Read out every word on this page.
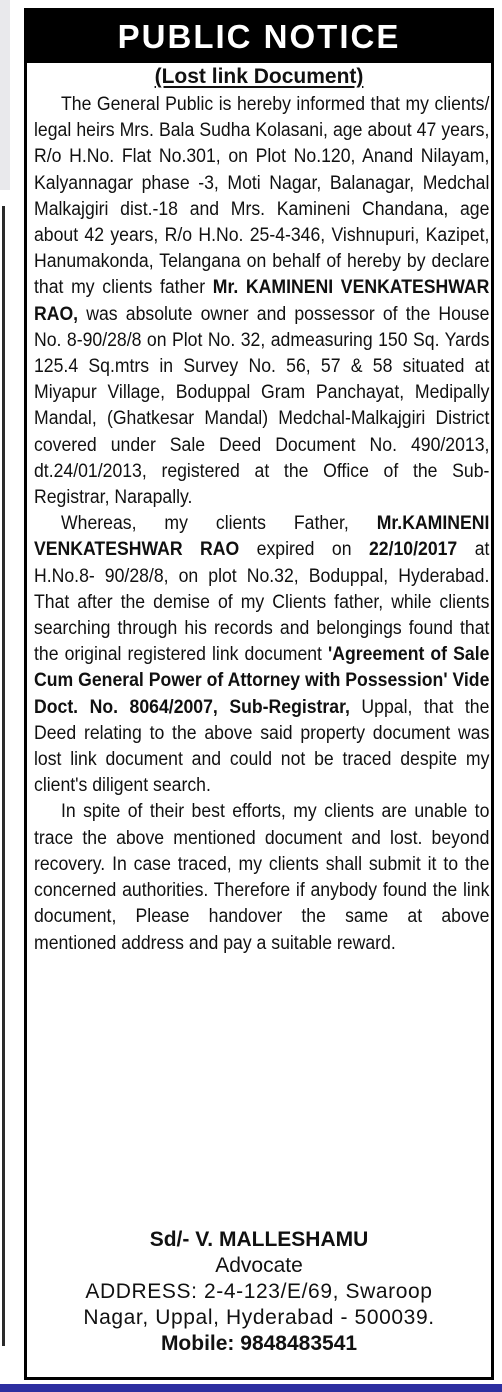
PUBLIC NOTICE
(Lost link Document)

The General Public is hereby informed that my clients/ legal heirs Mrs. Bala Sudha Kolasani, age about 47 years, R/o H.No. Flat No.301, on Plot No.120, Anand Nilayam, Kalyannagar phase -3, Moti Nagar, Balanagar, Medchal Malkajgiri dist.-18 and Mrs. Kamineni Chandana, age about 42 years, R/o H.No. 25-4-346, Vishnupuri, Kazipet, Hanumakonda, Telangana on behalf of hereby by declare that my clients father Mr. KAMINENI VENKATESHWAR RAO, was absolute owner and possessor of the House No. 8-90/28/8 on Plot No. 32, admeasuring 150 Sq. Yards 125.4 Sq.mtrs in Survey No. 56, 57 & 58 situated at Miyapur Village, Boduppal Gram Panchayat, Medipally Mandal, (Ghatkesar Mandal) Medchal-Malkajgiri District covered under Sale Deed Document No. 490/2013, dt.24/01/2013, registered at the Office of the Sub-Registrar, Narapally.

Whereas, my clients Father, Mr.KAMINENI VENKATESHWAR RAO expired on 22/10/2017 at H.No.8- 90/28/8, on plot No.32, Boduppal, Hyderabad. That after the demise of my Clients father, while clients searching through his records and belongings found that the original registered link document 'Agreement of Sale Cum General Power of Attorney with Possession' Vide Doct. No. 8064/2007, Sub-Registrar, Uppal, that the Deed relating to the above said property document was lost link document and could not be traced despite my client's diligent search.

In spite of their best efforts, my clients are unable to trace the above mentioned document and lost. beyond recovery. In case traced, my clients shall submit it to the concerned authorities. Therefore if anybody found the link document, Please handover the same at above mentioned address and pay a suitable reward.

Sd/- V. MALLESHAMU
Advocate
ADDRESS: 2-4-123/E/69, Swaroop
Nagar, Uppal, Hyderabad - 500039.
Mobile: 9848483541
